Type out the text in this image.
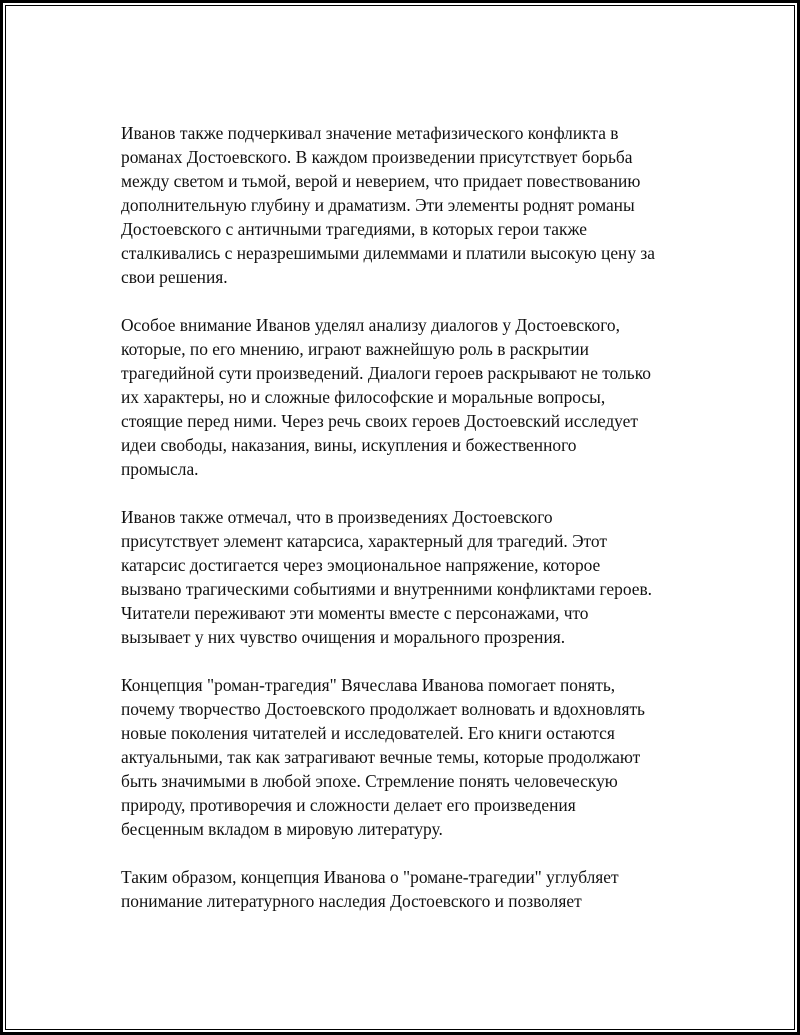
Иванов также подчеркивал значение метафизического конфликта в
романах Достоевского. В каждом произведении присутствует борьба
между светом и тьмой, верой и неверием, что придает повествованию
дополнительную глубину и драматизм. Эти элементы роднят романы
Достоевского с античными трагедиями, в которых герои также
сталкивались с неразрешимыми дилеммами и платили высокую цену за
свои решения.

Особое внимание Иванов уделял анализу диалогов у Достоевского,
которые, по его мнению, играют важнейшую роль в раскрытии
трагедийной сути произведений. Диалоги героев раскрывают не только
их характеры, но и сложные философские и моральные вопросы,
стоящие перед ними. Через речь своих героев Достоевский исследует
идеи свободы, наказания, вины, искупления и божественного
промысла.

Иванов также отмечал, что в произведениях Достоевского
присутствует элемент катарсиса, характерный для трагедий. Этот
катарсис достигается через эмоциональное напряжение, которое
вызвано трагическими событиями и внутренними конфликтами героев.
Читатели переживают эти моменты вместе с персонажами, что
вызывает у них чувство очищения и морального прозрения.

Концепция "роман-трагедия" Вячеслава Иванова помогает понять,
почему творчество Достоевского продолжает волновать и вдохновлять
новые поколения читателей и исследователей. Его книги остаются
актуальными, так как затрагивают вечные темы, которые продолжают
быть значимыми в любой эпохе. Стремление понять человеческую
природу, противоречия и сложности делает его произведения
бесценным вкладом в мировую литературу.

Таким образом, концепция Иванова о "романе-трагедии" углубляет
понимание литературного наследия Достоевского и позволяет
